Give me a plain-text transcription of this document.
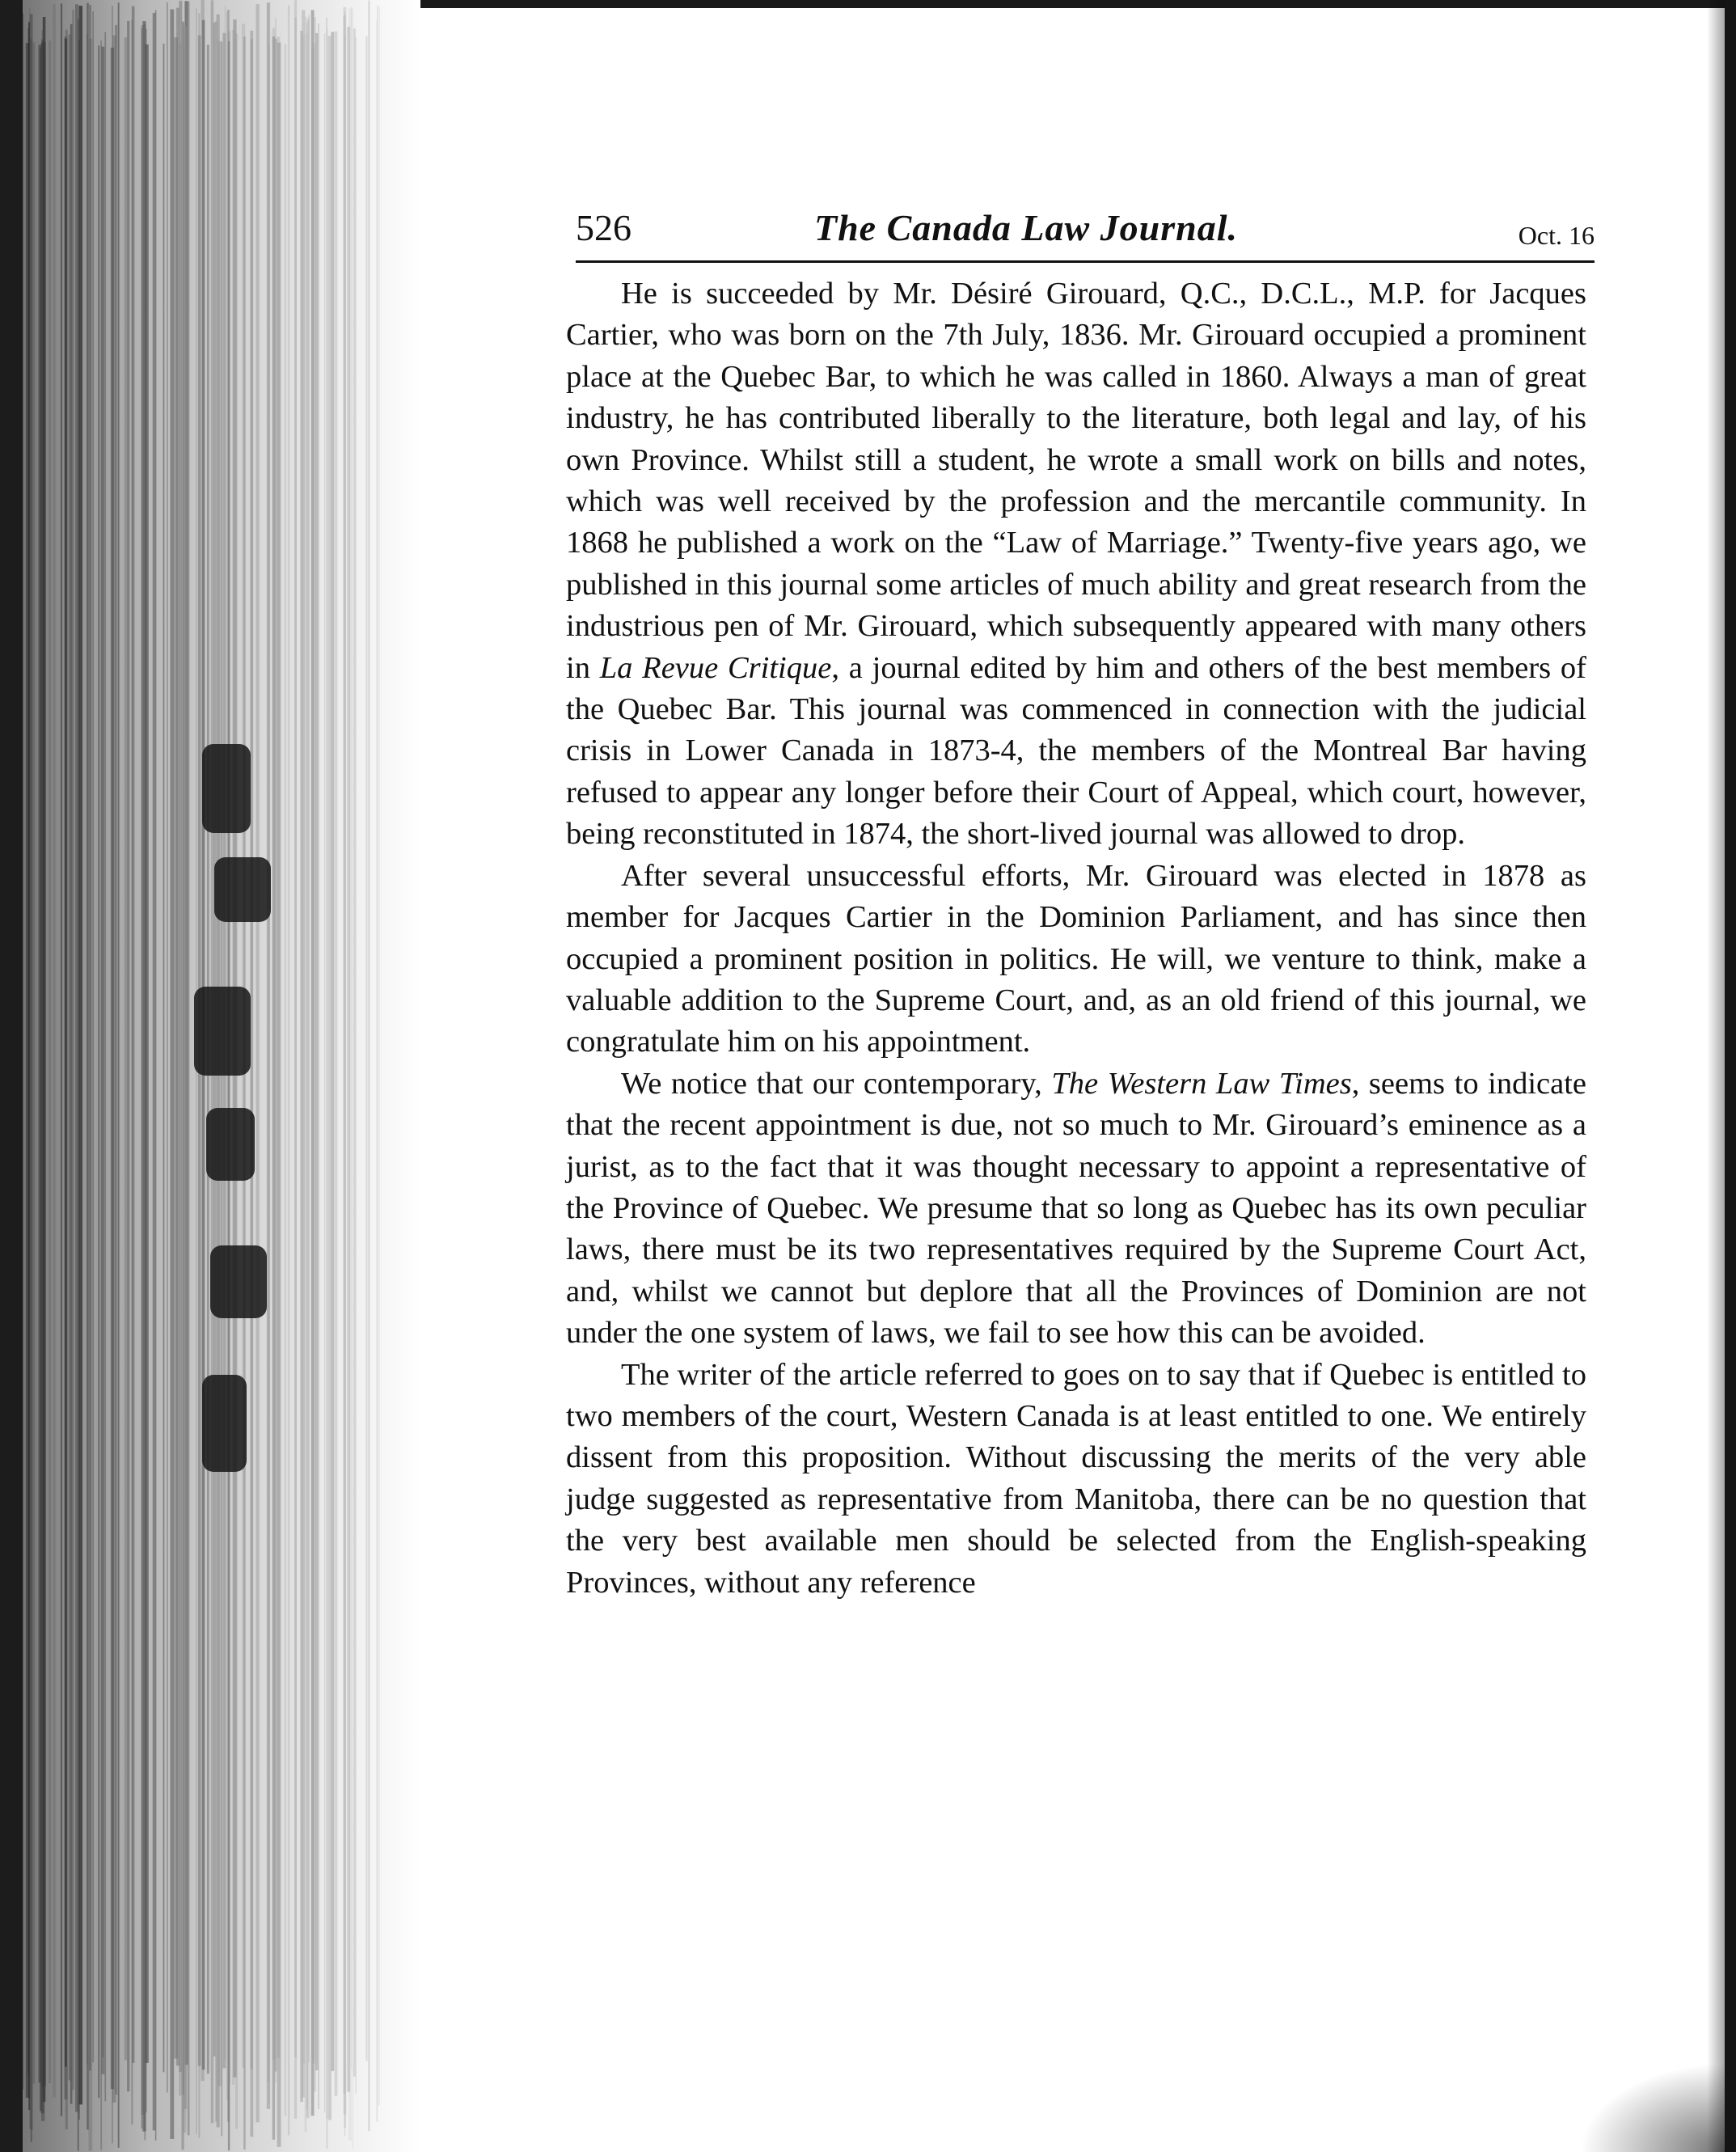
526	The Canada Law Journal.	Oct. 16

He is succeeded by Mr. Désiré Girouard, Q.C., D.C.L., M.P. for Jacques Cartier, who was born on the 7th July, 1836. Mr. Girouard occupied a prominent place at the Quebec Bar, to which he was called in 1860. Always a man of great industry, he has contributed liberally to the literature, both legal and lay, of his own Province. Whilst still a student, he wrote a small work on bills and notes, which was well received by the profession and the mercantile community. In 1868 he published a work on the “Law of Marriage.” Twenty-five years ago, we published in this journal some articles of much ability and great research from the industrious pen of Mr. Girouard, which subsequently appeared with many others in La Revue Critique, a journal edited by him and others of the best members of the Quebec Bar. This journal was commenced in connection with the judicial crisis in Lower Canada in 1873-4, the members of the Montreal Bar having refused to appear any longer before their Court of Appeal, which court, however, being reconstituted in 1874, the short-lived journal was allowed to drop.

After several unsuccessful efforts, Mr. Girouard was elected in 1878 as member for Jacques Cartier in the Dominion Parliament, and has since then occupied a prominent position in politics. He will, we venture to think, make a valuable addition to the Supreme Court, and, as an old friend of this journal, we congratulate him on his appointment.

We notice that our contemporary, The Western Law Times, seems to indicate that the recent appointment is due, not so much to Mr. Girouard’s eminence as a jurist, as to the fact that it was thought necessary to appoint a representative of the Province of Quebec. We presume that so long as Quebec has its own peculiar laws, there must be its two representatives required by the Supreme Court Act, and, whilst we cannot but deplore that all the Provinces of Dominion are not under the one system of laws, we fail to see how this can be avoided.

The writer of the article referred to goes on to say that if Quebec is entitled to two members of the court, Western Canada is at least entitled to one. We entirely dissent from this proposition. Without discussing the merits of the very able judge suggested as representative from Manitoba, there can be no question that the very best available men should be selected from the English-speaking Provinces, without any reference
